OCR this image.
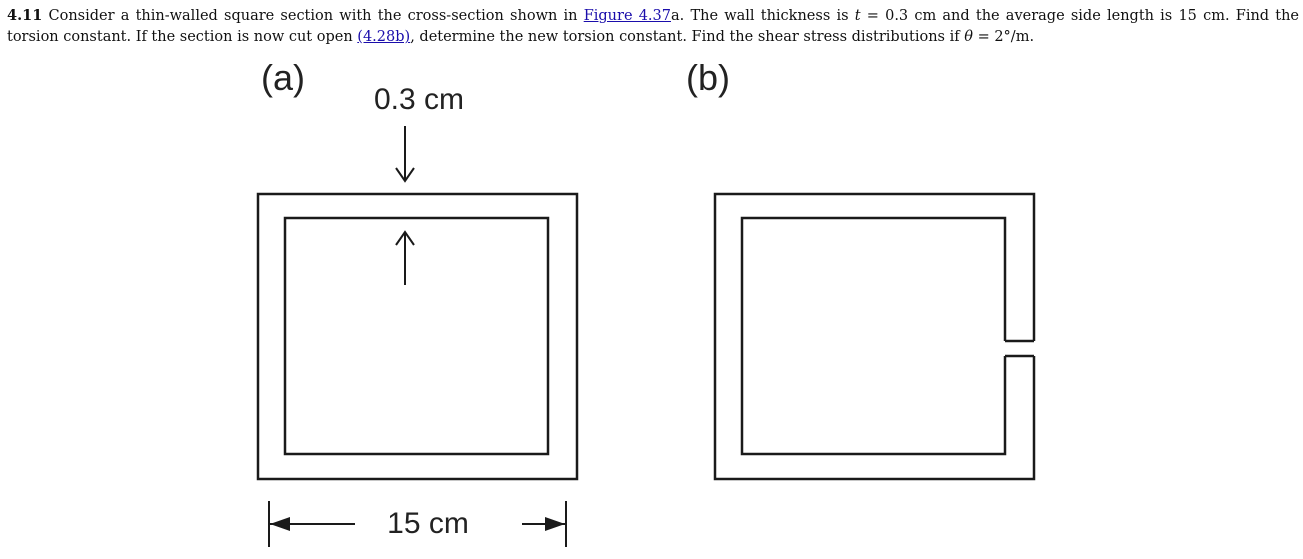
4.11 Consider a thin-walled square section with the cross-section shown in Figure 4.37a. The wall thickness is t = 0.3 cm and the average side length is 15 cm. Find the torsion constant. If the section is now cut open (4.28b), determine the new torsion constant. Find the shear stress distributions if θ = 2°/m.

(a)
0.3 cm
15 cm
(b)
